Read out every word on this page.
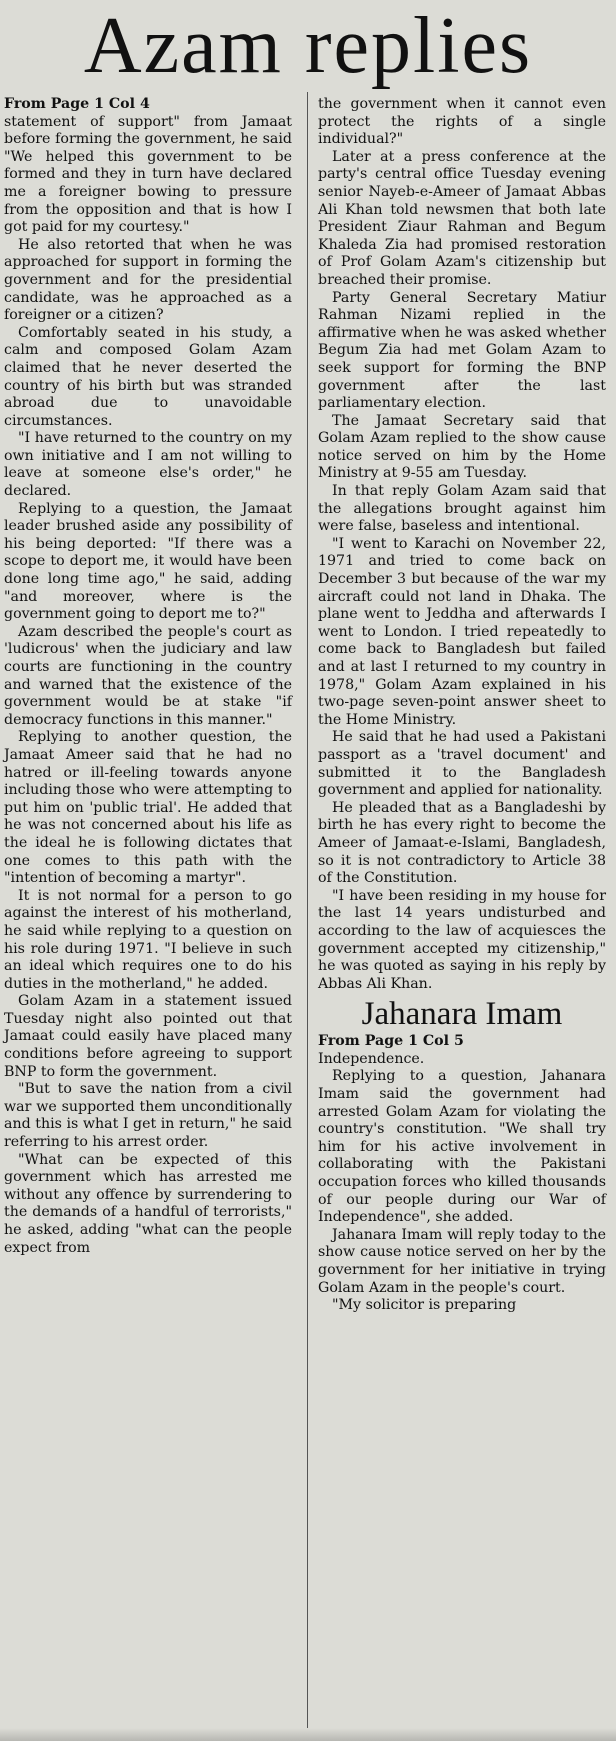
Azam replies

From Page 1 Col 4

statement of support" from Jamaat before forming the government, he said "We helped this government to be formed and they in turn have declared me a foreigner bowing to pressure from the opposition and that is how I got paid for my courtesy."

He also retorted that when he was approached for support in forming the government and for the presidential candidate, was he approached as a foreigner or a citizen?

Comfortably seated in his study, a calm and composed Golam Azam claimed that he never deserted the country of his birth but was stranded abroad due to unavoidable circumstances.

"I have returned to the country on my own initiative and I am not willing to leave at someone else's order," he declared.

Replying to a question, the Jamaat leader brushed aside any possibility of his being deported: "If there was a scope to deport me, it would have been done long time ago," he said, adding "and moreover, where is the government going to deport me to?"

Azam described the people's court as 'ludicrous' when the judiciary and law courts are functioning in the country and warned that the existence of the government would be at stake "if democracy functions in this manner."

Replying to another question, the Jamaat Ameer said that he had no hatred or ill-feeling towards anyone including those who were attempting to put him on 'public trial'. He added that he was not concerned about his life as the ideal he is following dictates that one comes to this path with the "intention of becoming a martyr".

It is not normal for a person to go against the interest of his motherland, he said while replying to a question on his role during 1971. "I believe in such an ideal which requires one to do his duties in the motherland," he added.

Golam Azam in a statement issued Tuesday night also pointed out that Jamaat could easily have placed many conditions before agreeing to support BNP to form the government.

"But to save the nation from a civil war we supported them unconditionally and this is what I get in return," he said referring to his arrest order.

"What can be expected of this government which has arrested me without any offence by surrendering to the demands of a handful of terrorists," he asked, adding "what can the people expect from

the government when it cannot even protect the rights of a single individual?"

Later at a press conference at the party's central office Tuesday evening senior Nayeb-e-Ameer of Jamaat Abbas Ali Khan told newsmen that both late President Ziaur Rahman and Begum Khaleda Zia had promised restoration of Prof Golam Azam's citizenship but breached their promise.

Party General Secretary Matiur Rahman Nizami replied in the affirmative when he was asked whether Begum Zia had met Golam Azam to seek support for forming the BNP government after the last parliamentary election.

The Jamaat Secretary said that Golam Azam replied to the show cause notice served on him by the Home Ministry at 9-55 am Tuesday.

In that reply Golam Azam said that the allegations brought against him were false, baseless and intentional.

"I went to Karachi on November 22, 1971 and tried to come back on December 3 but because of the war my aircraft could not land in Dhaka. The plane went to Jeddha and afterwards I went to London. I tried repeatedly to come back to Bangladesh but failed and at last I returned to my country in 1978," Golam Azam explained in his two-page seven-point answer sheet to the Home Ministry.

He said that he had used a Pakistani passport as a 'travel document' and submitted it to the Bangladesh government and applied for nationality.

He pleaded that as a Bangladeshi by birth he has every right to become the Ameer of Jamaat-e-Islami, Bangladesh, so it is not contradictory to Article 38 of the Constitution.

"I have been residing in my house for the last 14 years undisturbed and according to the law of acquiesces the government accepted my citizenship," he was quoted as saying in his reply by Abbas Ali Khan.

Jahanara Imam

From Page 1 Col 5

Independence.

Replying to a question, Jahanara Imam said the government had arrested Golam Azam for violating the country's constitution. "We shall try him for his active involvement in collaborating with the Pakistani occupation forces who killed thousands of our people during our War of Independence", she added.

Jahanara Imam will reply today to the show cause notice served on her by the government for her initiative in trying Golam Azam in the people's court.

"My solicitor is preparing
